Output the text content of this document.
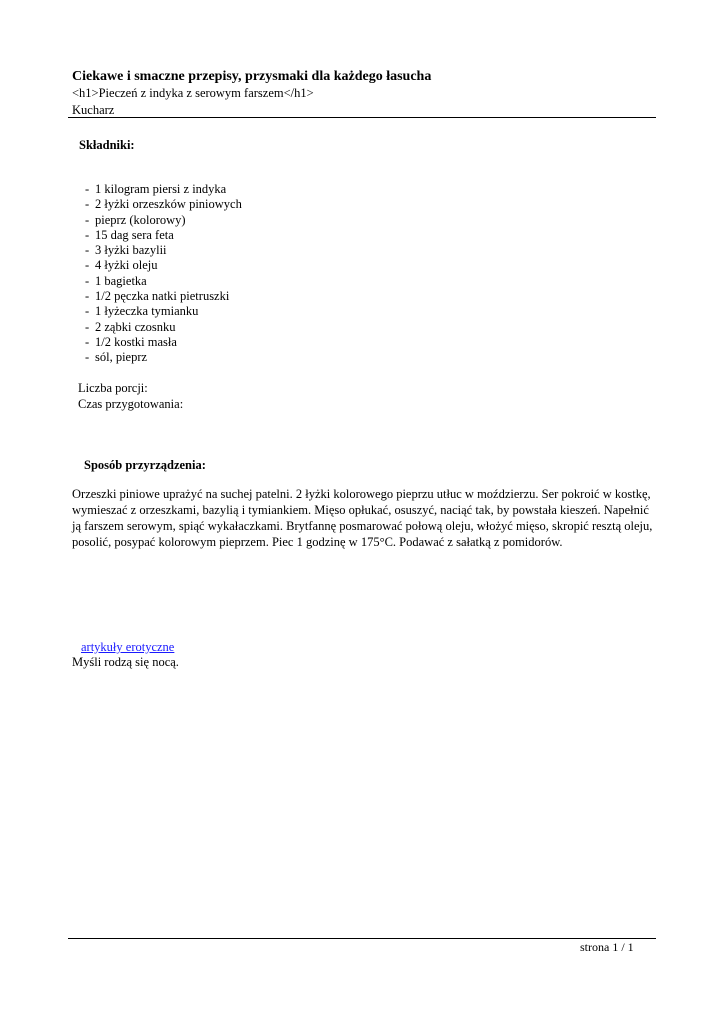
Ciekawe i smaczne przepisy, przysmaki dla każdego łasucha

<h1>Pieczeń z indyka z serowym farszem</h1>

Kucharz

Składniki:
- 1 kilogram piersi z indyka
- 2 łyżki orzeszków piniowych
- pieprz (kolorowy)
- 15 dag sera feta
- 3 łyżki bazylii
- 4 łyżki oleju
- 1 bagietka
- 1/2 pęczka natki pietruszki
- 1 łyżeczka tymianku
- 2 ząbki czosnku
- 1/2 kostki masła
- sól, pieprz
Liczba porcji:
Czas przygotowania:
Sposób przyrządzenia:

Orzeszki piniowe uprażyć na suchej patelni. 2 łyżki kolorowego pieprzu utłuc w moździerzu. Ser pokroić w kostkę, wymieszać z orzeszkami, bazylią i tymiankiem. Mięso opłukać, osuszyć, naciąć tak, by powstała kieszeń. Napełnić ją farszem serowym, spiąć wykałaczkami. Brytfannę posmarować połową oleju, włożyć mięso, skropić resztą oleju, posolić, posypać kolorowym pieprzem. Piec 1 godzinę w 175°C. Podawać z sałatką z pomidorów.

artykuły erotyczne
Myśli rodzą się nocą.
strona 1 / 1
